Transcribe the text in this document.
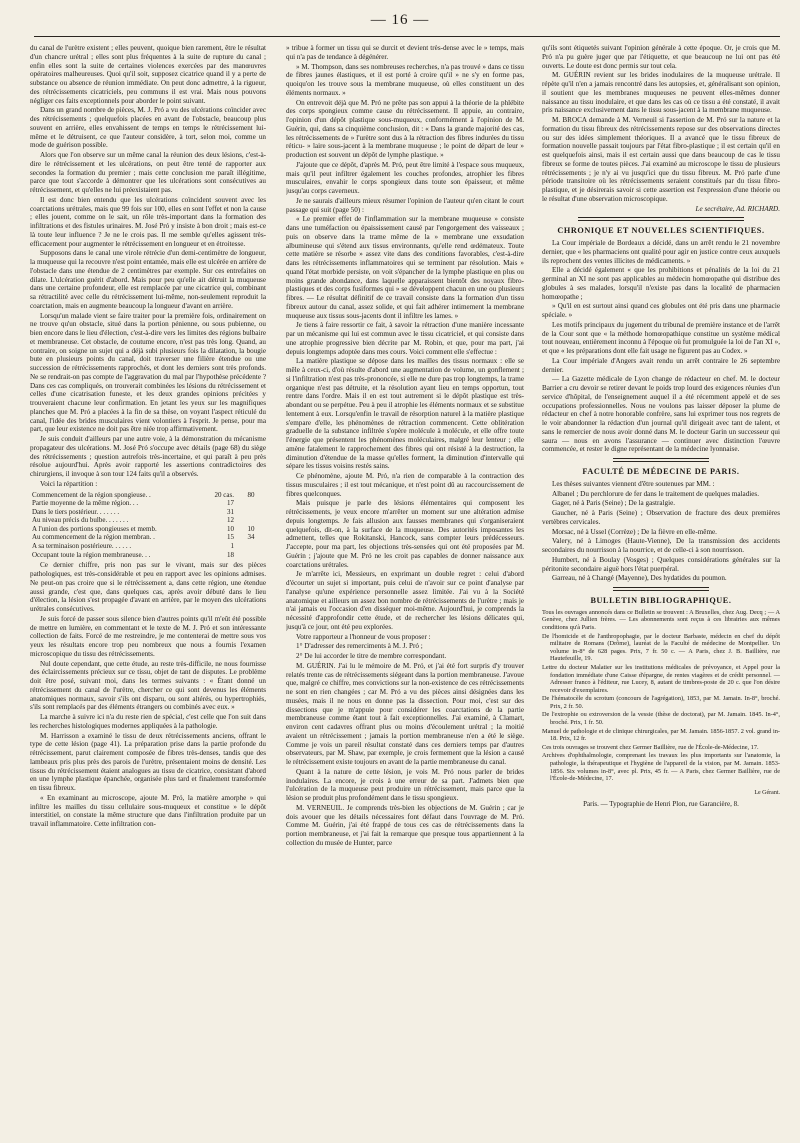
— 16 —

du canal de l'urètre existent ; elles peuvent, quoique bien rarement, être le résultat d'un chancre urétral ; elles sont plus fréquentes à la suite de rupture du canal ; enfin elles sont la suite de certaines violences exercées par des manœuvres opératoires malheureuses. Quoi qu'il soit, supposez cicatrice quand il y a perte de substance ou absence de réunion immédiate. On peut donc admettre, à la rigueur, des rétrécissements cicatriciels, peu communs il est vrai. Mais nous pouvons négliger ces faits exceptionnels pour aborder le point suivant.

Dans un grand nombre de pièces, M. J. Pró a vu des ulcérations coïncider avec des rétrécissements ; quelquefois placées en avant de l'obstacle, beaucoup plus souvent en arrière, elles envahissent de temps en temps le rétrécissement lui-même et le détruisent, ce que l'auteur considère, à tort, selon moi, comme un mode de guérison possible.

Alors que l'on observe sur un même canal la réunion des deux lésions, c'est-à-dire le rétrécissement et les ulcérations, on peut être tenté de rapporter aux secondes la formation du premier ; mais cette conclusion me paraît illégitime, parce que tout s'accorde à démontrer que les ulcérations sont consécutives au rétrécissement, et qu'elles ne lui préexistaient pas.

Il est donc bien entendu que les ulcérations coïncident souvent avec les coarctations urétrales, mais que 99 fois sur 100, elles en sont l'effet et non la cause ; elles jouent, comme on le sait, un rôle très-important dans la formation des infiltrations et des fistules urinaires. M. José Pró y insiste à bon droit ; mais est-ce là toute leur influence ? Je ne le crois pas. Il me semble qu'elles agissent très-efficacement pour augmenter le rétrécissement en longueur et en étroitesse.

Supposons dans le canal une virole rétrécie d'un demi-centimètre de longueur, la muqueuse qui la recouvre n'est point entamée, mais elle est ulcérée en arrière de l'obstacle dans une étendue de 2 centimètres par exemple. Sur ces entrefaites on dilate. L'ulcération guérit d'abord. Mais pour peu qu'elle ait détruit la muqueuse dans une certaine profondeur, elle est remplacée par une cicatrice qui, combinant sa rétractilité avec celle du rétrécissement lui-même, non-seulement reproduit la coarctation, mais en augmente beaucoup la longueur d'avant en arrière.

Lorsqu'un malade vient se faire traiter pour la première fois, ordinairement on ne trouve qu'un obstacle, situé dans la portion pénienne, ou sous pubienne, ou bien encore dans le lieu d'élection, c'est-à-dire vers les limites des régions bulbaire et membraneuse. Cet obstacle, de coutume encore, n'est pas très long. Quand, au contraire, on soigne un sujet qui a déjà subi plusieurs fois la dilatation, la bougie bute en plusieurs points du canal, doit traverser une filière étendue ou une succession de rétrécissements rapprochés, et dont les derniers sont très profonds. Ne se rendrait-on pas compte de l'aggravation du mal par l'hypothèse précédente ? Dans ces cas compliqués, on trouverait combinées les lésions du rétrécissement et celles d'une cicatrisation funeste, et les deux grandes opinions précitées y trouveraient chacune leur confirmation. En jetant les yeux sur les magnifiques planches que M. Pró a placées à la fin de sa thèse, on voyant l'aspect réticulé du canal, l'idée des brides musculaires vient volontiers à l'esprit. Je pense, pour ma part, que leur existence ne doit pas être niée trop affirmativement.

Je suis conduit d'ailleurs par une autre voie, à la démonstration du mécanisme propagateur des ulcérations. M. José Pró s'occupe avec détails (page 68) du siège des rétrécissements ; question autrefois très-incertaine, et qui paraît à peu près résolue aujourd'hui. Après avoir rapporté les assertions contradictoires des chirurgiens, il invoque à son tour 124 faits qu'il a observés.

Voici la répartition :

Commencement de la région spongieuse. .	20 cas.	80
Partie moyenne de la même région. . .	17	
Dans le tiers postérieur. . . . . . .	31	
Au niveau précis du bulbe. . . . . . .	12	
A l'union des portions spongieuses et memb.	10	10
Au commencement de la région membran. .	15	34
A sa terminaison postérieure. . . . . .	1	
Occupant toute la région membraneuse. . .	18	

Ce dernier chiffre, pris non pas sur le vivant, mais sur des pièces pathologiques, est très-considérable et peu en rapport avec les opinions admises. Ne peut-on pas croire que si le rétrécissement a, dans cette région, une étendue aussi grande, c'est que, dans quelques cas, après avoir débuté dans le lieu d'élection, la lésion s'est propagée d'avant en arrière, par le moyen des ulcérations urétrales consécutives.

Je suis forcé de passer sous silence bien d'autres points qu'il m'eût été possible de mettre en lumière, en commentant et le texte de M. J. Pró et son intéressante collection de faits. Forcé de me restreindre, je me contenterai de mettre sous vos yeux les résultats encore trop peu nombreux que nous a fournis l'examen microscopique du tissu des rétrécissements.

Nul doute cependant, que cette étude, au reste très-difficile, ne nous fournisse des éclaircissements précieux sur ce tissu, objet de tant de disputes. Le problème doit être posé, suivant moi, dans les termes suivants : « Étant donné un rétrécissement du canal de l'urètre, chercher ce qui sont devenus les éléments anatomiques normaux, savoir s'ils ont disparu, ou sont altérés, ou hypertrophiés, s'ils sont remplacés par des éléments étrangers ou combinés avec eux. »

La marche à suivre ici n'a du reste rien de spécial, c'est celle que l'on suit dans les recherches histologiques modernes appliquées à la pathologie.

M. Harrisson a examiné le tissu de deux rétrécissements anciens, offrant le type de cette lésion (page 41). La préparation prise dans la partie profonde du rétrécissement, parut clairement composée de fibres très-denses, tandis que des lambeaux pris plus près des parois de l'urètre, présentaient moins de densité. Les tissus du rétrécissement étaient analogues au tissu de cicatrice, consistant d'abord en une lymphe plastique épanchée, organisée plus tard et finalement transformée en tissu fibreux.

« En examinant au microscope, ajoute M. Pró, la matière amorphe » qui infiltre les mailles du tissu cellulaire sous-muqueux et constitue » le dépôt interstitiel, on constate la même structure que dans l'infiltration produite par un travail inflammatoire. Cette infiltration con-

» tribue à former un tissu qui se durcit et devient très-dense avec le » temps, mais qui n'a pas de tendance à dégénérer.

» M. Thompson, dans ses nombreuses recherches, n'a pas trouvé » dans ce tissu de fibres jaunes élastiques, et il est porté à croire qu'il » ne s'y en forme pas, quoiqu'on les trouve sous la membrane muqueuse, où elles constituent un des éléments normaux. »

On entrevoit déjà que M. Pró ne prête pas son appui à la théorie de la phlébite des corps spongieux comme cause du rétrécissement. Il appuie, au contraire, l'opinion d'un dépôt plastique sous-muqueux, conformément à l'opinion de M. Guérin, qui, dans sa cinquième conclusion, dit : « Dans la grande majorité des cas, les rétrécissements de » l'urètre sont dus à la rétraction des fibres indurées du tissu réticu- » laire sous-jacent à la membrane muqueuse ; le point de départ de leur » production est souvent un dépôt de lymphe plastique. »

J'ajoute que ce dépôt, d'après M. Pró, peut être limité à l'espace sous muqueux, mais qu'il peut infiltrer également les couches profondes, atrophier les fibres musculaires, envahir le corps spongieux dans toute son épaisseur, et même jusqu'au corps caverneux.

Je ne saurais d'ailleurs mieux résumer l'opinion de l'auteur qu'en citant le court passage qui suit (page 50) :

« Le premier effet de l'inflammation sur la membrane muqueuse » consiste dans une tuméfaction ou épaississement causé par l'engorgement des vaisseaux ; puis on observe dans la trame même de la » membrane une exsudation albumineuse qui s'étend aux tissus environnants, qu'elle rend œdémateux. Toute cette matière se résorbe » assez vite dans des conditions favorables, c'est-à-dire dans les rétrécissements inflammatoires qui se terminent par résolution. Mais » quand l'état morbide persiste, on voit s'épancher de la lymphe plastique en plus ou moins grande abondance, dans laquelle apparaissent bientôt des noyaux fibro-plastiques et des corps fusiformes qui » se développent chacun en une ou plusieurs fibres. — Le résultat définitif de ce travail consiste dans la formation d'un tissu fibreux autour du canal, assez solide, et qui fait adhérer intimement la membrane muqueuse aux tissus sous-jacents dont il infiltre les lames. »

Je tiens à faire ressortir ce fait, à savoir la rétraction d'une manière incessante par un mécanisme qui lui est commun avec le tissu cicatriciel, et qui consiste dans une atrophie progressive bien décrite par M. Robin, et que, pour ma part, j'ai depuis longtemps adoptée dans mes cours. Voici comment elle s'effectue :

La matière plastique se dépose dans les mailles des tissus normaux : elle se mêle à ceux-ci, d'où résulte d'abord une augmentation de volume, un gonflement ; si l'infiltration n'est pas très-prononcée, si elle ne dure pas trop longtemps, la trame organique n'est pas détruite, et la résolution ayant lieu en temps opportun, tout rentre dans l'ordre. Mais il en est tout autrement si le dépôt plastique est très-abondant ou se perpétue. Peu à peu il atrophie les éléments normaux et se substitue lentement à eux. Lorsqu'enfin le travail de résorption naturel à la matière plastique s'empare d'elle, les phénomènes de rétraction commencent. Cette oblitération graduelle de la substance infiltrée s'opère molécule à molécule, et elle offre toute l'énergie que présentent les phénomènes moléculaires, malgré leur lenteur ; elle amène fatalement le rapprochement des fibres qui ont résisté à la destruction, la diminution d'étendue de la masse qu'elles forment, la diminution d'intervalle qui sépare les tissus voisins restés sains.

Ce phénomène, ajoute M. Pró, n'a rien de comparable à la contraction des tissus musculaires ; il est tout mécanique, et n'est point dû au raccourcissement de fibres quelconques.

Mais puisque je parle des lésions élémentaires qui composent les rétrécissements, je veux encore m'arrêter un moment sur une altération admise depuis longtemps. Je fais allusion aux fausses membranes qui s'organiseraient quelquefois, dit-on, à la surface de la muqueuse. Des autorités imposantes les admettent, telles que Rokitanski, Hancock, sans compter leurs prédécesseurs. J'accepte, pour ma part, les objections très-sensées qui ont été proposées par M. Guérin ; j'ajoute que M. Pró ne les croit pas capables de donner naissance aux coarctations urétrales.

Je m'arrête ici, Messieurs, en exprimant un double regret : celui d'abord d'écourter un sujet si important, puis celui de n'avoir sur ce point d'analyse par l'analyse qu'une expérience personnelle assez limitée. J'ai vu à la Société anatomique et ailleurs un assez bon nombre de rétrécissements de l'urètre ; mais je n'ai jamais eu l'occasion d'en disséquer moi-même. Aujourd'hui, je comprends la nécessité d'approfondir cette étude, et de rechercher les lésions délicates qui, jusqu'à ce jour, ont été peu explorées.

Votre rapporteur a l'honneur de vous proposer :

1° D'adresser des remerciments à M. J. Pró ;

2° De lui accorder le titre de membre correspondant.

M. GUÉRIN. J'ai lu le mémoire de M. Pró, et j'ai été fort surpris d'y trouver relatés trente cas de rétrécissements siégeant dans la portion membraneuse. J'avoue que, malgré ce chiffre, mes convictions sur la non-existence de ces rétrécissements ne sont en rien changées ; car M. Pró a vu des pièces ainsi désignées dans les musées, mais il ne nous en donne pas la dissection. Pour moi, c'est sur des dissections que je m'appuie pour considérer les coarctations de la partie membraneuse comme étant tout à fait exceptionnelles. J'ai examiné, à Clamart, environ cent cadavres offrant plus ou moins d'écoulement urétral ; la moitié avaient un rétrécissement ; jamais la portion membraneuse n'en a été le siège. Comme je vois un pareil résultat constaté dans ces derniers temps par d'autres observateurs, par M. Shaw, par exemple, je crois fermement que la lésion a causé le rétrécissement existe toujours en avant de la partie membraneuse du canal.

Quant à la nature de cette lésion, je vois M. Pró nous parler de brides inodulaires. La encore, je crois à une erreur de sa part. J'admets bien que l'ulcération de la muqueuse peut produire un rétrécissement, mais parce que la lésion se produit plus profondément dans le tissu spongieux.

M. VERNEUIL. Je comprends très-bien les objections de M. Guérin ; car je dois avouer que les détails nécessaires font défaut dans l'ouvrage de M. Pró. Comme M. Guérin, j'ai été frappé de tous ces cas de rétrécissements dans la portion membraneuse, et j'ai fait la remarque que presque tous appartiennent à la collection du musée de Hunter, parce

qu'ils sont étiquetés suivant l'opinion générale à cette époque. Or, je crois que M. Pró n'a pu guère juger que par l'étiquette, et que beaucoup ne lui ont pas été ouverts. Le doute est donc permis sur tout cela.

M. GUÉRIN revient sur les brides inodulaires de la muqueuse urétrale. Il répète qu'il n'en a jamais rencontré dans les autopsies, et, généralisant son opinion, il soutient que les membranes muqueuses ne peuvent elles-mêmes donner naissance au tissu inodulaire, et que dans les cas où ce tissu a été constaté, il avait pris naissance exclusivement dans le tissu sous-jacent à la membrane muqueuse.

M. BROCA demande à M. Verneuil si l'assertion de M. Pró sur la nature et la formation du tissu fibreux des rétrécissements repose sur des observations directes ou sur des idées simplement théoriques. Il a avancé que le tissu fibreux de formation nouvelle passait toujours par l'état fibro-plastique ; il est certain qu'il en est quelquefois ainsi, mais il est certain aussi que dans beaucoup de cas le tissu fibreux se forme de toutes pièces. J'ai examiné au microscope le tissu de plusieurs rétrécissements ; je n'y ai vu jusqu'ici que du tissu fibreux. M. Pró parle d'une période transitoire où les rétrécissements seraient constitués par du tissu fibro-plastique, et je désirerais savoir si cette assertion est l'expression d'une théorie ou le résultat d'une observation microscopique.

Le secrétaire, Ad. RICHARD.

CHRONIQUE ET NOUVELLES SCIENTIFIQUES.

La Cour impériale de Bordeaux a décidé, dans un arrêt rendu le 21 novembre dernier, que « les pharmaciens ont qualité pour agir en justice contre ceux auxquels ils reprochent des ventes illicites de médicaments. »

Elle a décidé également « que les prohibitions et pénalités de la loi du 21 germinal an XI ne sont pas applicables au médecin homœopathe qui distribue des globules à ses malades, lorsqu'il n'existe pas dans la localité de pharmacien homœopathe ;

» Qu'il en est surtout ainsi quand ces globules ont été pris dans une pharmacie spéciale. »

Les motifs principaux du jugement du tribunal de première instance et de l'arrêt de la Cour sont que « la méthode homœopathique constitue un système médical tout nouveau, entièrement inconnu à l'époque où fut promulguée la loi de l'an XI », et que « les préparations dont elle fait usage ne figurent pas au Codex. »

La Cour impériale d'Angers avait rendu un arrêt contraire le 26 septembre dernier.

— La Gazette médicale de Lyon change de rédacteur en chef. M. le docteur Barrier a cru devoir se retirer devant le poids trop lourd des exigences réunies d'un service d'hôpital, de l'enseignement auquel il a été récemment appelé et de ses occupations professionnelles. Nous ne voulons pas laisser déposer la plume de rédacteur en chef à notre honorable confrère, sans lui exprimer tous nos regrets de le voir abandonner la rédaction d'un journal qu'il dirigeait avec tant de talent, et sans le remercier de nous avoir donné dans M. le docteur Garin un successeur qui saura — nous en avons l'assurance — continuer avec distinction l'œuvre commencée, et rester le digne représentant de la médecine lyonnaise.

FACULTÉ DE MÉDECINE DE PARIS.

Les thèses suivantes viennent d'être soutenues par MM. :

Albanel ; Du perchlorure de fer dans le traitement de quelques maladies.

Gager, né à Paris (Seine) ; De la gastralgie.

Gaucher, né à Paris (Seine) ; Observation de fracture des deux premières vertèbres cervicales.

Morsac, né à Ussel (Corrèze) ; De la fièvre en elle-même.

Valery, né à Limoges (Haute-Vienne), De la transmission des accidents secondaires du nourrisson à la nourrice, et de celle-ci à son nourrisson.

Humbert, né à Boulay (Vosges) ; Quelques considérations générales sur la péritonite secondaire aiguë hors l'état puerpéral.

Garreau, né à Changé (Mayenne), Des hydatides du poumon.

BULLETIN BIBLIOGRAPHIQUE.

Tous les ouvrages annoncés dans ce Bulletin se trouvent : A Bruxelles, chez Aug. Decq ; — A Genève, chez Jullien frères. — Les abonnements sont reçus à ces librairies aux mêmes conditions qu'à Paris.

De l'homicide et de l'anthropophagie, par le docteur Barbaste, médecin en chef du dépôt militaire de Romans (Drôme), lauréat de la Faculté de médecine de Montpellier. Un volume in-8° de 628 pages. Prix, 7 fr. 50 c. — A Paris, chez J. B. Baillière, rue Hautefeuille, 19.

Lettre du docteur Malatier sur les institutions médicales de prévoyance, et Appel pour la fondation immédiate d'une Caisse d'épargne, de rentes viagères et de crédit personnel. — Adresser franco à l'éditeur, rue Lucey, 8, autant de timbres-poste de 20 c. que l'on désire recevoir d'exemplaires.

De l'hématocèle du scrotum (concours de l'agrégation), 1853, par M. Jamain. In-8°, broché. Prix, 2 fr. 50.

De l'extrophie ou extroversion de la vessie (thèse de doctorat), par M. Jamain. 1845. In-4°, broché. Prix, 1 fr. 50.

Manuel de pathologie et de clinique chirurgicales, par M. Jamain. 1856-1857. 2 vol. grand in-18. Prix, 12 fr.

Ces trois ouvrages se trouvent chez Germer Baillière, rue de l'École-de-Médecine, 17.

Archives d'ophthalmologie, comprenant les travaux les plus importants sur l'anatomie, la pathologie, la thérapeutique et l'hygiène de l'appareil de la vision, par M. Jamain. 1853-1856. Six volumes in-8°, avec pl. Prix, 45 fr. — A Paris, chez Germer Baillière, rue de l'École-de-Médecine, 17.

Le Gérant.
Paris. — Typographie de Henri Plon, rue Garancière, 8.
